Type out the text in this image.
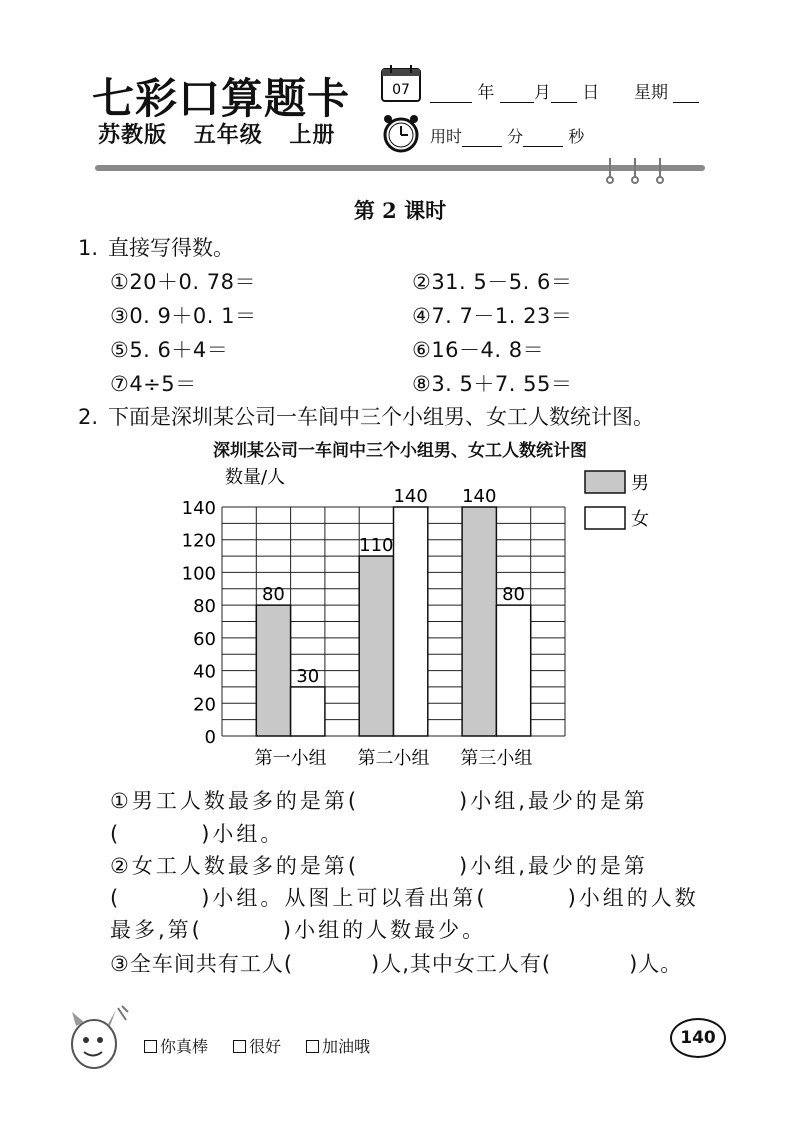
七彩口算题卡
苏教版 五年级 上册
07	年 月 日 星期
用时	分	秒
第 2 课时
1. 直接写得数。
①20＋0. 78＝	②31. 5－5. 6＝
③0. 9＋0. 1＝	④7. 7－1. 23＝
⑤5. 6＋4＝	⑥16－4. 8＝
⑦4÷5＝	⑧3. 5＋7. 55＝
2. 下面是深圳某公司一车间中三个小组男、女工人数统计图。
深圳某公司一车间中三个小组男、女工人数统计图
0
20
40
60
80
100
120
140
数量/人
80
30
第一小组
110
140
第二小组
140
80
第三小组
男
女
①男工人数最多的是第(	)小组,最少的是第
(	)小组。
②女工人数最多的是第(	)小组,最少的是第
(	)小组。从图上可以看出第(	)小组的人数
最多,第(	)小组的人数最少。
③全车间共有工人(	)人,其中女工人有(	)人。
你真棒	很好	加油哦	140
